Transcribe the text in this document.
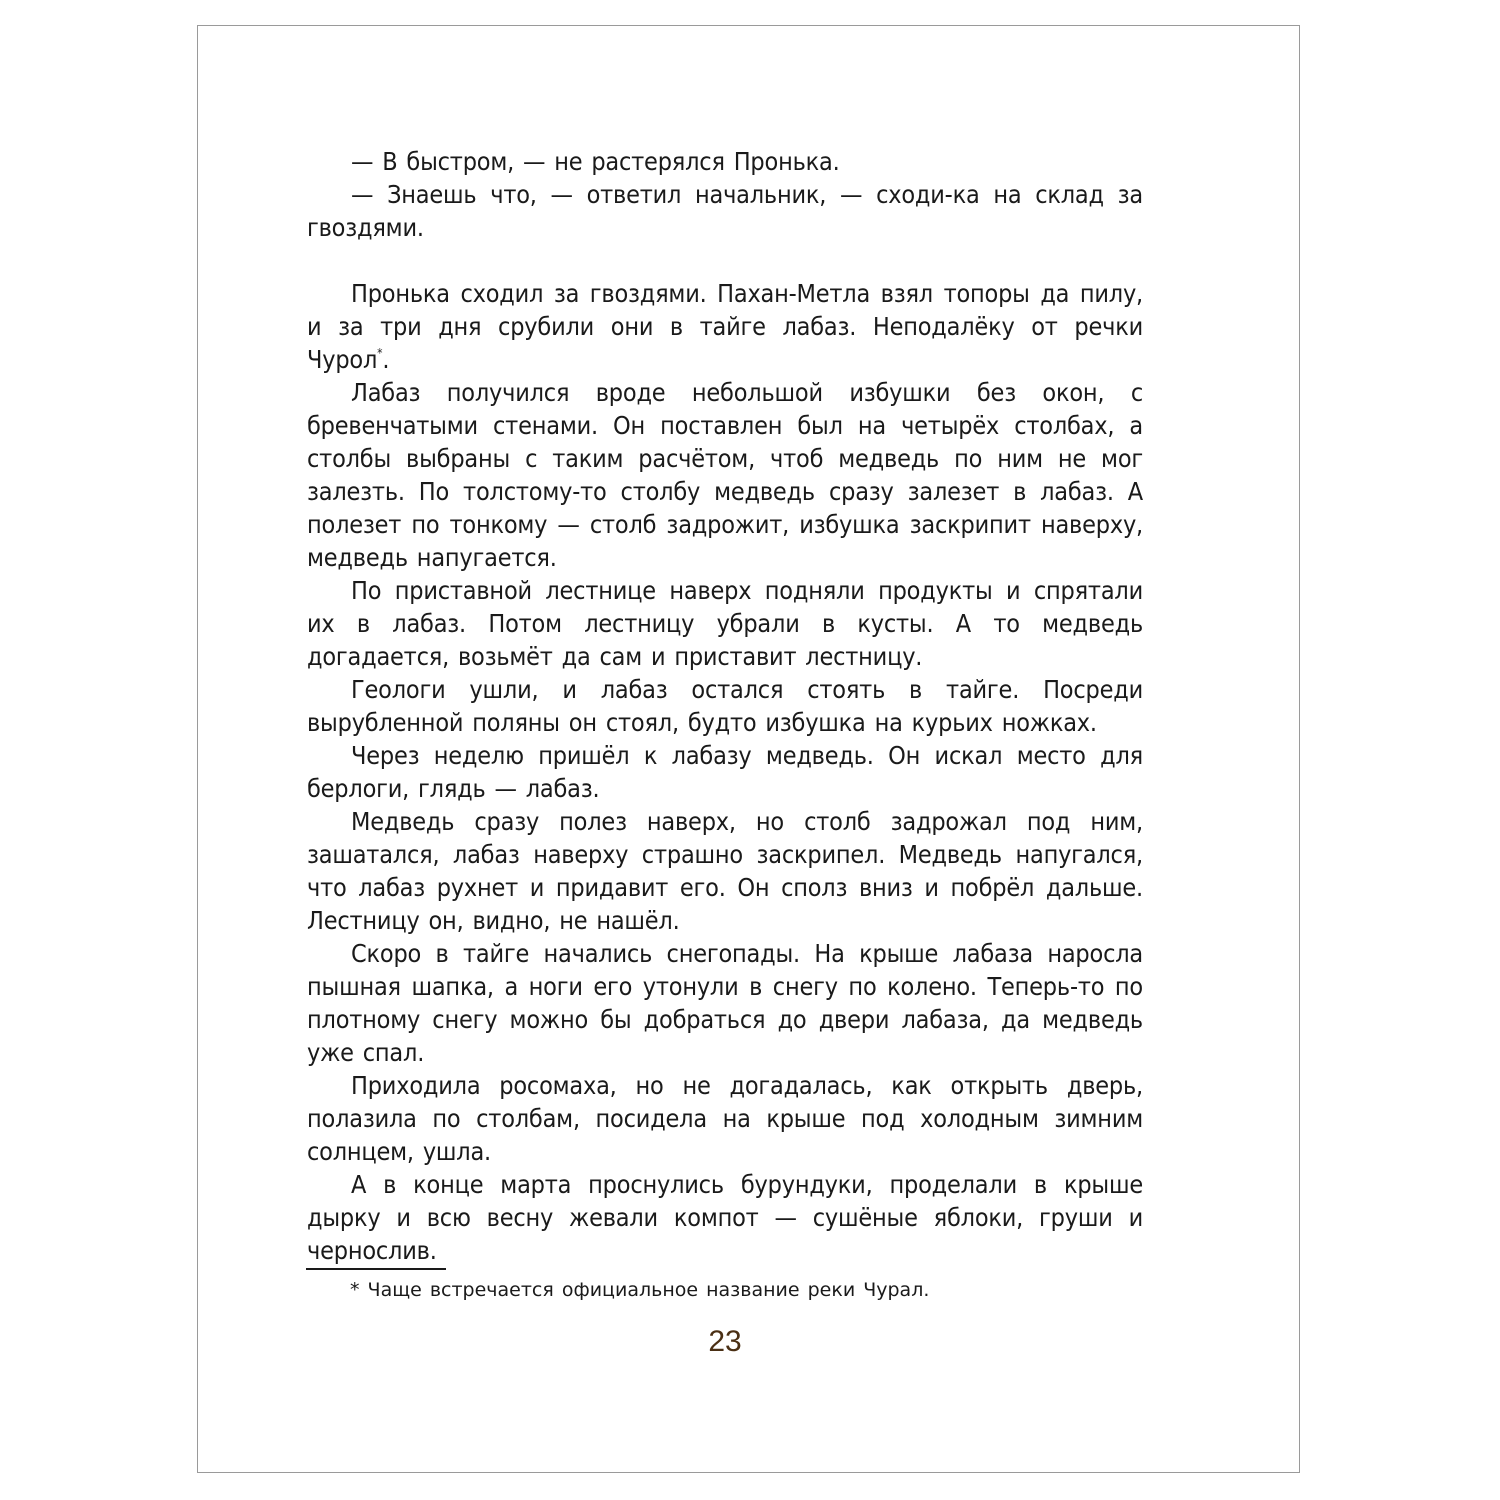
— В быстром, — не растерялся Пронька.

— Знаешь что, — ответил начальник, — сходи-ка на склад за гвоздями.

Пронька сходил за гвоздями. Пахан-Метла взял топоры да пилу, и за три дня срубили они в тайге лабаз. Неподалёку от речки Чурол*.

Лабаз получился вроде небольшой избушки без окон, с бревенчатыми стенами. Он поставлен был на четырёх столбах, а столбы выбраны с таким расчётом, чтоб медведь по ним не мог залезть. По толстому-то столбу медведь сразу залезет в лабаз. А полезет по тонкому — столб задрожит, избушка заскрипит наверху, медведь напугается.

По приставной лестнице наверх подняли продукты и спрятали их в лабаз. Потом лестницу убрали в кусты. А то медведь догадается, возьмёт да сам и приставит лестницу.

Геологи ушли, и лабаз остался стоять в тайге. Посреди вырубленной поляны он стоял, будто избушка на курьих ножках.

Через неделю пришёл к лабазу медведь. Он искал место для берлоги, глядь — лабаз.

Медведь сразу полез наверх, но столб задрожал под ним, зашатался, лабаз наверху страшно заскрипел. Медведь напугался, что лабаз рухнет и придавит его. Он сполз вниз и побрёл дальше. Лестницу он, видно, не нашёл.

Скоро в тайге начались снегопады. На крыше лабаза наросла пышная шапка, а ноги его утонули в снегу по колено. Теперь-то по плотному снегу можно бы добраться до двери лабаза, да медведь уже спал.

Приходила росомаха, но не догадалась, как открыть дверь, полазила по столбам, посидела на крыше под холодным зимним солнцем, ушла.

А в конце марта проснулись бурундуки, проделали в крыше дырку и всю весну жевали компот — сушёные яблоки, груши и чернослив.

* Чаще встречается официальное название реки Чурал.
23
